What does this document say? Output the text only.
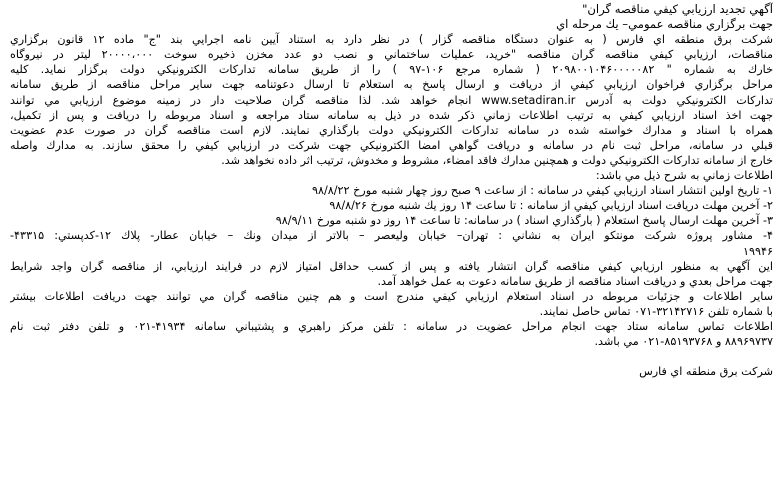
آگهي تجديد ارزيابي کيفي مناقصه گران"
جهت برگزاري مناقصه عمومي– يك مرحله اي
شرکت برق منطقه اي فارس ( به عنوان دستگاه مناقصه گزار ) در نظر دارد به استناد آيين نامه اجرايي بند "ج" ماده ۱۲ قانون برگزاري
مناقصات، ارزيابي کيفي مناقصه گران مناقصه "خريد، عمليات ساختماني و نصب دو عدد مخزن ذخيره سوخت ۲۰۰۰۰،۰۰۰ ليتر در نيروگاه
خارك به شماره " ۲۰۹۸۰۰۱۰۴۶۰۰۰۰۰۸۲ ( شماره مرجع ۱۰۶-۹۷ ) را از طريق سامانه تداركات الكترونيكي دولت برگزار نمايد. كليه
مراحل برگزاري فراخوان ارزيابي كيفي از دريافت و ارسال پاسخ به استعلام تا ارسال دعوتنامه جهت ساير مراحل مناقصه از طريق سامانه
تداركات الكترونيكي دولت به آدرس www.setadiran.ir انجام خواهد شد. لذا مناقصه گران صلاحيت دار در زمينه موضوع ارزيابي مي توانند
جهت اخذ اسناد ارزيابي كيفي به ترتيب اطلاعات زماني ذكر شده در ذيل به سامانه ستاد مراجعه و اسناد مربوطه را دريافت و پس از تكميل،
همراه با اسناد و مدارك خواسته شده در سامانه تداركات الكترونيكي دولت بارگذاري نمايند. لازم است مناقصه گران در صورت عدم عضويت
قبلي در سامانه، مراحل ثبت نام در سامانه و دريافت گواهي امضا الكترونيكي جهت شركت در ارزيابي كيفي را محقق سازند. به مدارك واصله
خارج از سامانه تداركات الكترونيكي دولت و همچنين مدارك فاقد امضاء، مشروط و مخدوش، ترتيب اثر داده نخواهد شد.
اطلاعات زماني به شرح ذيل مي باشد:
۱- تاريخ اولين انتشار اسناد ارزيابي كيفي در سامانه : از ساعت ۹ صبح روز چهار شنبه مورخ ۹۸/۸/۲۲
۲- آخرين مهلت دريافت اسناد ارزيابي كيفي از سامانه : تا ساعت ۱۴ روز يك شنبه مورخ ۹۸/۸/۲۶
۳- آخرين مهلت ارسال پاسخ استعلام ( بارگذاري اسناد ) در سامانه: تا ساعت ۱۴ روز دو شنبه مورخ ۹۸/۹/۱۱
۴- مشاور پروژه شركت مونتكو ايران به نشاني : تهران– خيابان وليعصر – بالاتر از ميدان ونك – خيابان عطار- پلاك ۱۲-كدپستي: ۴۳۳۱۵-
۱۹۹۴۶
اين آگهي به منظور ارزيابي كيفي مناقصه گران انتشار يافته و پس از كسب حداقل امتياز لازم در فرايند ارزيابي، از مناقصه گران واجد شرايط
جهت مراحل بعدي و دريافت اسناد مناقصه از طريق سامانه دعوت به عمل خواهد آمد.
ساير اطلاعات و جزئيات مربوطه در اسناد استعلام ارزيابي كيفي مندرج است و هم چنين مناقصه گران مي توانند جهت دريافت اطلاعات بيشتر
با شماره تلفن ۳۲۱۴۲۷۱۶-۰۷۱ تماس حاصل نمايند.
اطلاعات تماس سامانه ستاد جهت انجام مراحل عضويت در سامانه : تلفن مركز راهبري و پشتيباني سامانه ۴۱۹۳۴-۰۲۱ و تلفن دفتر ثبت نام
۸۸۹۶۹۷۳۷ و ۸۵۱۹۳۷۶۸-۰۲۱ مي باشد.
شركت برق منطقه اي فارس
